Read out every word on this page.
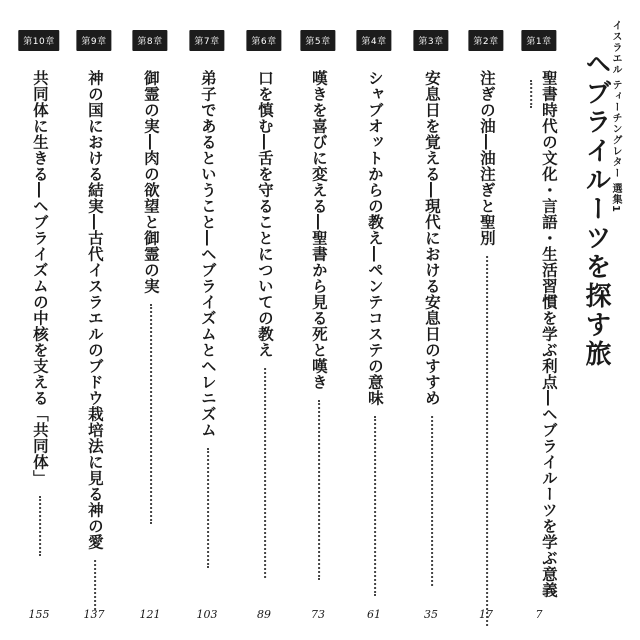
イスラエル ティーチングレター 選集1
ヘブライルーツを探す旅
第1章
聖書時代の文化・言語・生活習慣を学ぶ利点―ヘブライルーツを学ぶ意義
7
第2章
注ぎの油―油注ぎと聖別
17
第3章
安息日を覚える―現代における安息日のすすめ
35
第4章
シャブオットからの教え―ペンテコステの意味
61
第5章
嘆きを喜びに変える―聖書から見る死と嘆き
73
第6章
口を慎む―舌を守ることについての教え
89
第7章
弟子であるということ―ヘブライズムとヘレニズム
103
第8章
御霊の実―肉の欲望と御霊の実
121
第9章
神の国における結実―古代イスラエルのブドウ栽培法に見る神の愛
137
第10章
共同体に生きる―ヘブライズムの中核を支える「共同体」
155
